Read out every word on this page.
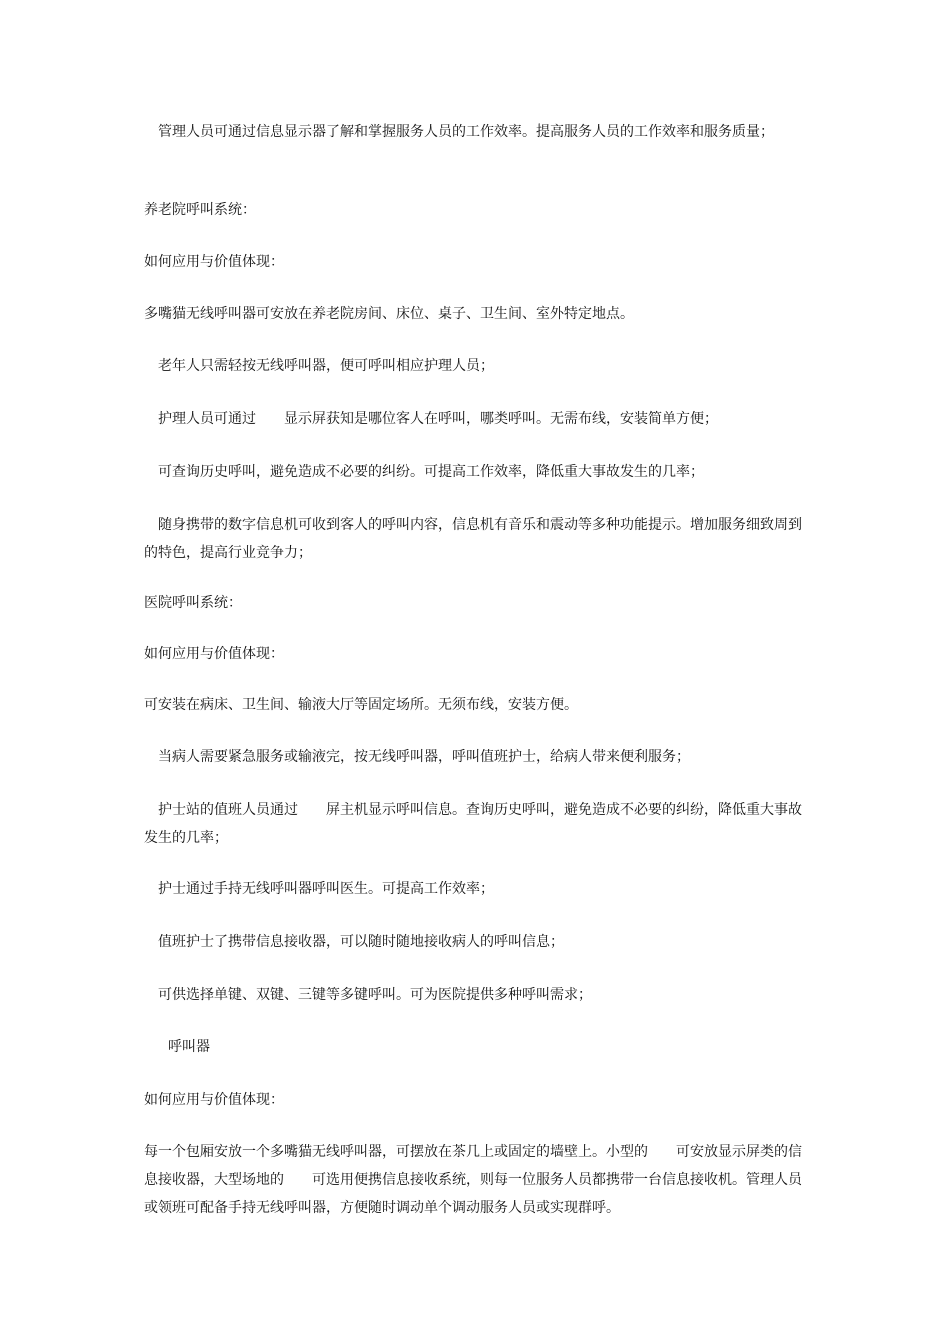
管理人员可通过信息显示器了解和掌握服务人员的工作效率。提高服务人员的工作效率和服务质量；

养老院呼叫系统：

如何应用与价值体现：

多嘴猫无线呼叫器可安放在养老院房间、床位、桌子、卫生间、室外特定地点。

老年人只需轻按无线呼叫器，便可呼叫相应护理人员；

护理人员可通过　　显示屏获知是哪位客人在呼叫，哪类呼叫。无需布线，安装简单方便；

可查询历史呼叫，避免造成不必要的纠纷。可提高工作效率，降低重大事故发生的几率；

随身携带的数字信息机可收到客人的呼叫内容，信息机有音乐和震动等多种功能提示。增加服务细致周到的特色，提高行业竞争力；

医院呼叫系统：

如何应用与价值体现：

可安装在病床、卫生间、输液大厅等固定场所。无须布线，安装方便。

当病人需要紧急服务或输液完，按无线呼叫器，呼叫值班护士，给病人带来便利服务；

护士站的值班人员通过　　屏主机显示呼叫信息。查询历史呼叫，避免造成不必要的纠纷，降低重大事故发生的几率；

护士通过手持无线呼叫器呼叫医生。可提高工作效率；

值班护士了携带信息接收器，可以随时随地接收病人的呼叫信息；

可供选择单键、双键、三键等多键呼叫。可为医院提供多种呼叫需求；

呼叫器

如何应用与价值体现：

每一个包厢安放一个多嘴猫无线呼叫器，可摆放在茶几上或固定的墙壁上。小型的　　可安放显示屏类的信息接收器，大型场地的　　可选用便携信息接收系统，则每一位服务人员都携带一台信息接收机。管理人员或领班可配备手持无线呼叫器，方便随时调动单个调动服务人员或实现群呼。
